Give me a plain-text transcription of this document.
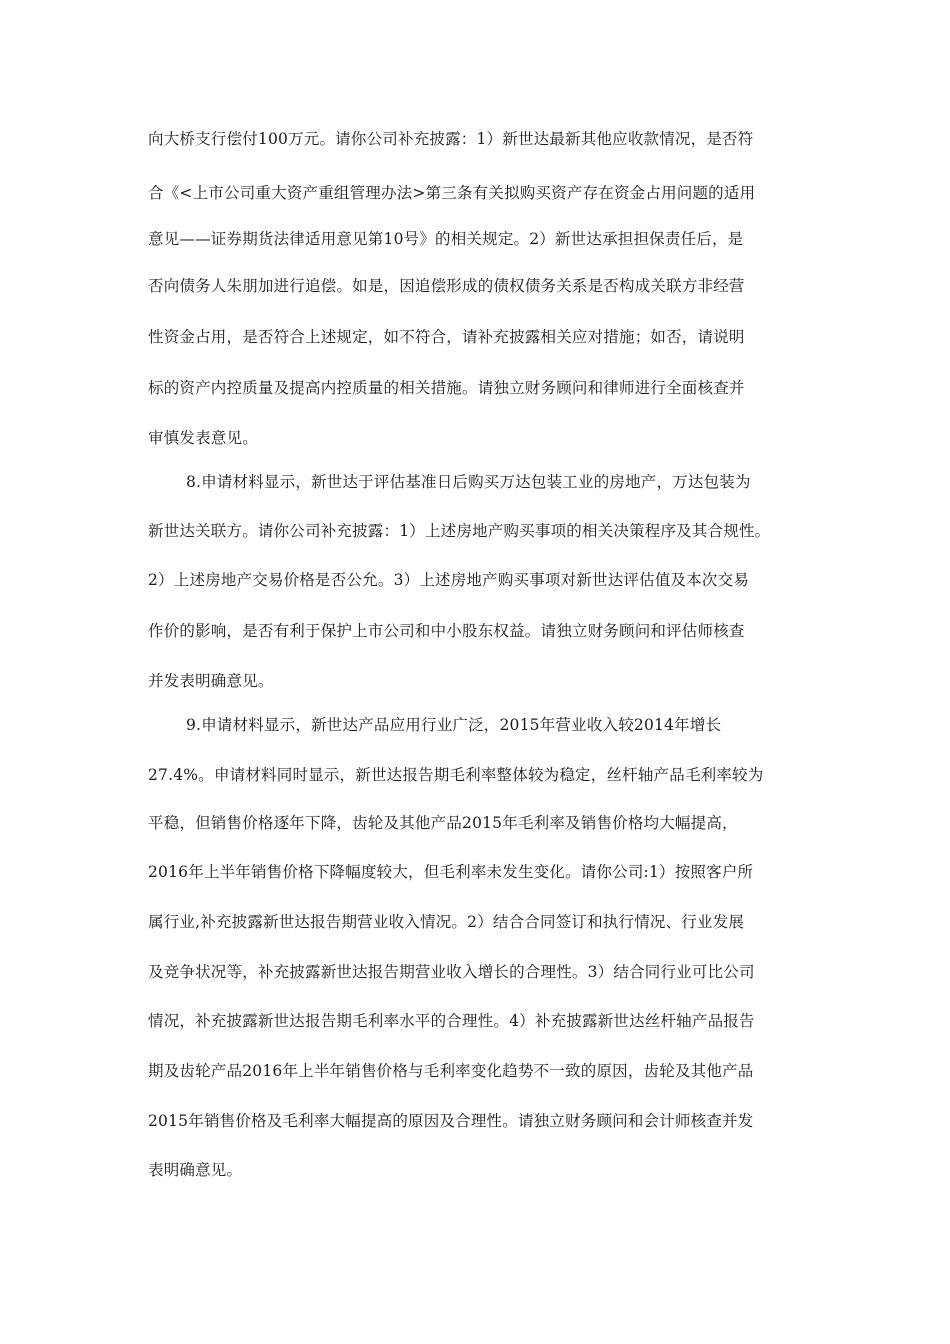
向大桥支行偿付100万元。请你公司补充披露：1）新世达最新其他应收款情况，是否符
合《<上市公司重大资产重组管理办法>第三条有关拟购买资产存在资金占用问题的适用
意见——证券期货法律适用意见第10号》的相关规定。2）新世达承担担保责任后，是
否向债务人朱朋加进行追偿。如是，因追偿形成的债权债务关系是否构成关联方非经营
性资金占用，是否符合上述规定，如不符合，请补充披露相关应对措施；如否，请说明
标的资产内控质量及提高内控质量的相关措施。请独立财务顾问和律师进行全面核查并
审慎发表意见。
8.申请材料显示，新世达于评估基准日后购买万达包装工业的房地产，万达包装为
新世达关联方。请你公司补充披露：1）上述房地产购买事项的相关决策程序及其合规性。
2）上述房地产交易价格是否公允。3）上述房地产购买事项对新世达评估值及本次交易
作价的影响，是否有利于保护上市公司和中小股东权益。请独立财务顾问和评估师核查
并发表明确意见。
9.申请材料显示，新世达产品应用行业广泛，2015年营业收入较2014年增长
27.4%。申请材料同时显示，新世达报告期毛利率整体较为稳定，丝杆轴产品毛利率较为
平稳，但销售价格逐年下降，齿轮及其他产品2015年毛利率及销售价格均大幅提高，
2016年上半年销售价格下降幅度较大，但毛利率未发生变化。请你公司:1）按照客户所
属行业,补充披露新世达报告期营业收入情况。2）结合合同签订和执行情况、行业发展
及竞争状况等，补充披露新世达报告期营业收入增长的合理性。3）结合同行业可比公司
情况，补充披露新世达报告期毛利率水平的合理性。4）补充披露新世达丝杆轴产品报告
期及齿轮产品2016年上半年销售价格与毛利率变化趋势不一致的原因，齿轮及其他产品
2015年销售价格及毛利率大幅提高的原因及合理性。请独立财务顾问和会计师核查并发
表明确意见。
